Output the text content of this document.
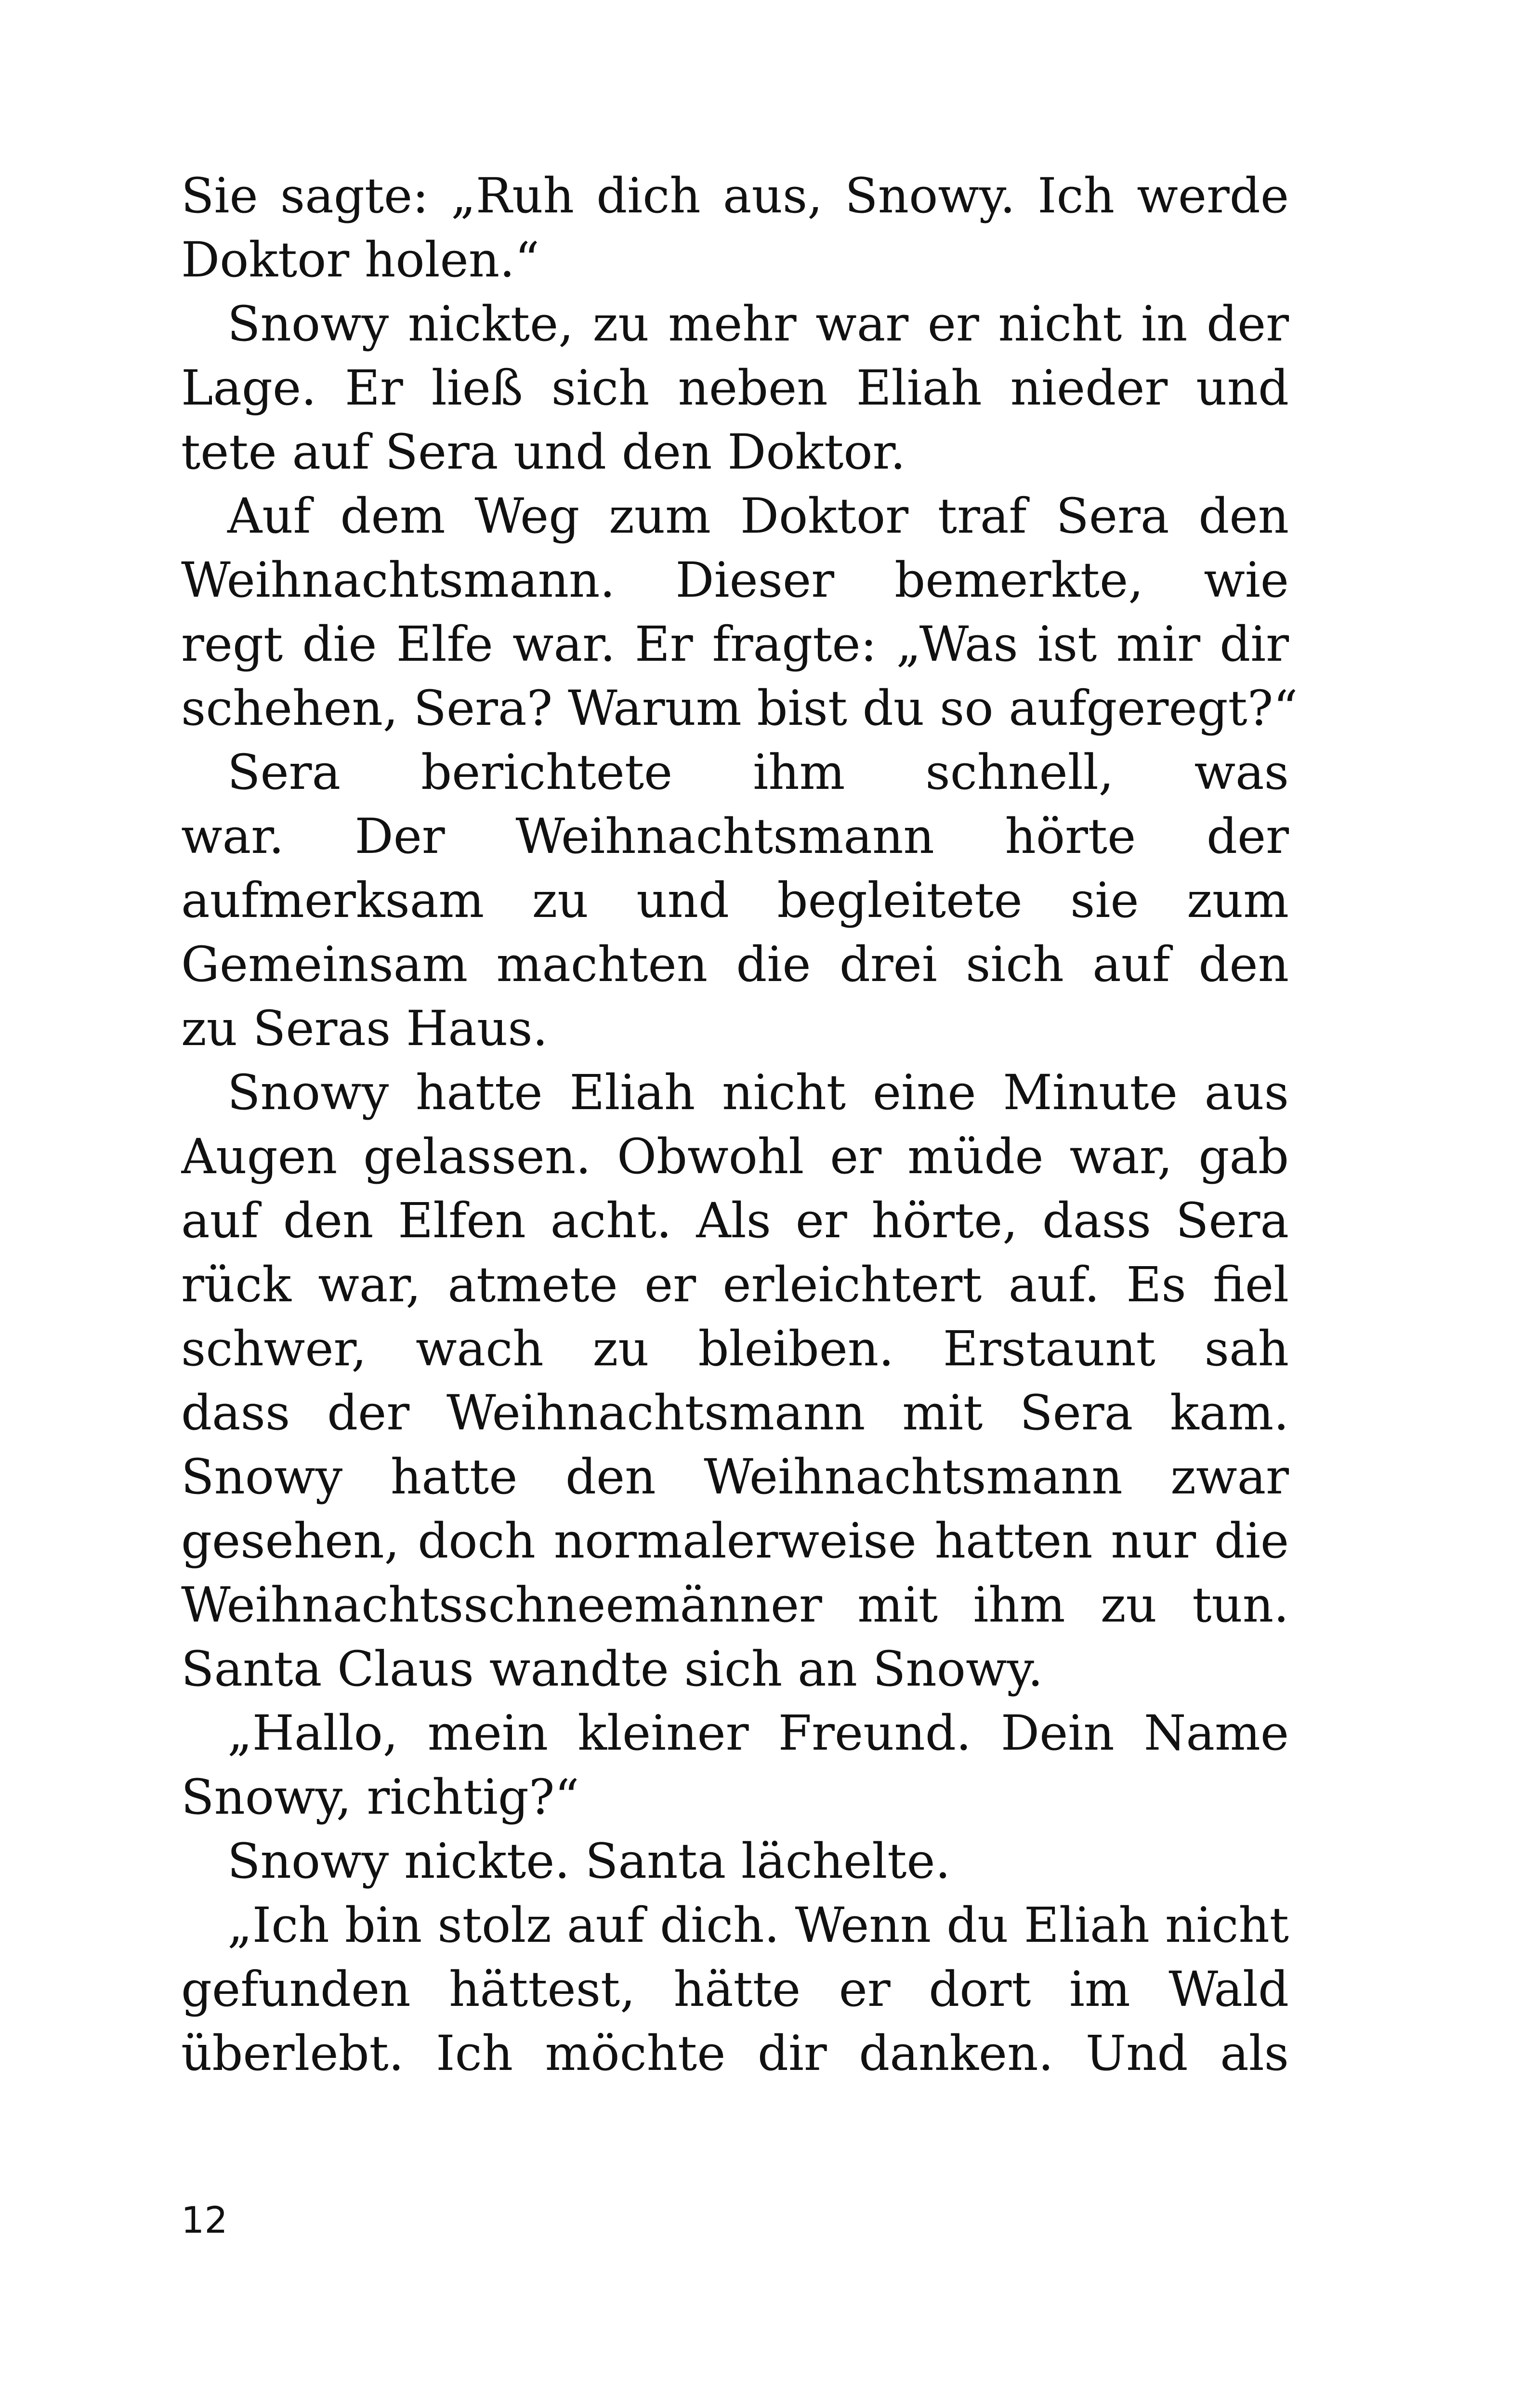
Sie sagte: „Ruh dich aus, Snowy. Ich werde
Doktor holen.“
Snowy nickte, zu mehr war er nicht in der
Lage. Er ließ sich neben Eliah nieder und
tete auf Sera und den Doktor.
Auf dem Weg zum Doktor traf Sera den
Weihnachtsmann. Dieser bemerkte, wie
regt die Elfe war. Er fragte: „Was ist mir dir
schehen, Sera? Warum bist du so aufgeregt?“
Sera berichtete ihm schnell, was
war. Der Weihnachtsmann hörte der
aufmerksam zu und begleitete sie zum
Gemeinsam machten die drei sich auf den
zu Seras Haus.
Snowy hatte Eliah nicht eine Minute aus
Augen gelassen. Obwohl er müde war, gab
auf den Elfen acht. Als er hörte, dass Sera
rück war, atmete er erleichtert auf. Es fiel
schwer, wach zu bleiben. Erstaunt sah
dass der Weihnachtsmann mit Sera kam.
Snowy hatte den Weihnachtsmann zwar
gesehen, doch normalerweise hatten nur die
Weihnachtsschneemänner mit ihm zu tun.
Santa Claus wandte sich an Snowy.
„Hallo, mein kleiner Freund. Dein Name
Snowy, richtig?“
Snowy nickte. Santa lächelte.
„Ich bin stolz auf dich. Wenn du Eliah nicht
gefunden hättest, hätte er dort im Wald
überlebt. Ich möchte dir danken. Und als
12
